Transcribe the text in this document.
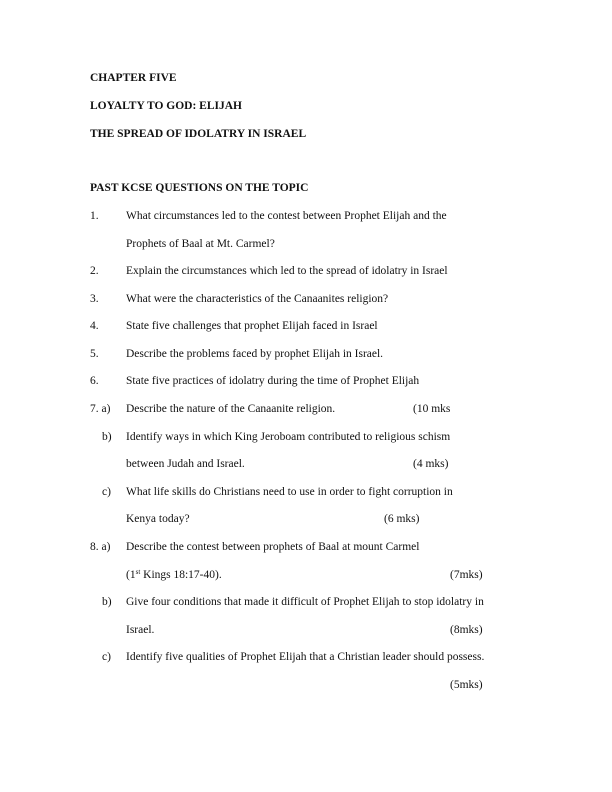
CHAPTER FIVE
LOYALTY TO GOD: ELIJAH
THE SPREAD OF IDOLATRY IN ISRAEL
PAST KCSE QUESTIONS ON THE TOPIC
1. What circumstances led to the contest between Prophet Elijah and the
Prophets of Baal at Mt. Carmel?
2. Explain the circumstances which led to the spread of idolatry in Israel
3. What were the characteristics of the Canaanites religion?
4. State five challenges that prophet Elijah faced in Israel
5. Describe the problems faced by prophet Elijah in Israel.
6. State five practices of idolatry during the time of Prophet Elijah
7. a) Describe the nature of the Canaanite religion.	(10 mks
b) Identify ways in which King Jeroboam contributed to religious schism
between Judah and Israel.	(4 mks)
c) What life skills do Christians need to use in order to fight corruption in
Kenya today?	(6 mks)
8. a) Describe the contest between prophets of Baal at mount Carmel
(1st Kings 18:17-40).	(7mks)
b) Give four conditions that made it difficult of Prophet Elijah to stop idolatry in
Israel.	(8mks)
c) Identify five qualities of Prophet Elijah that a Christian leader should possess.
(5mks)
